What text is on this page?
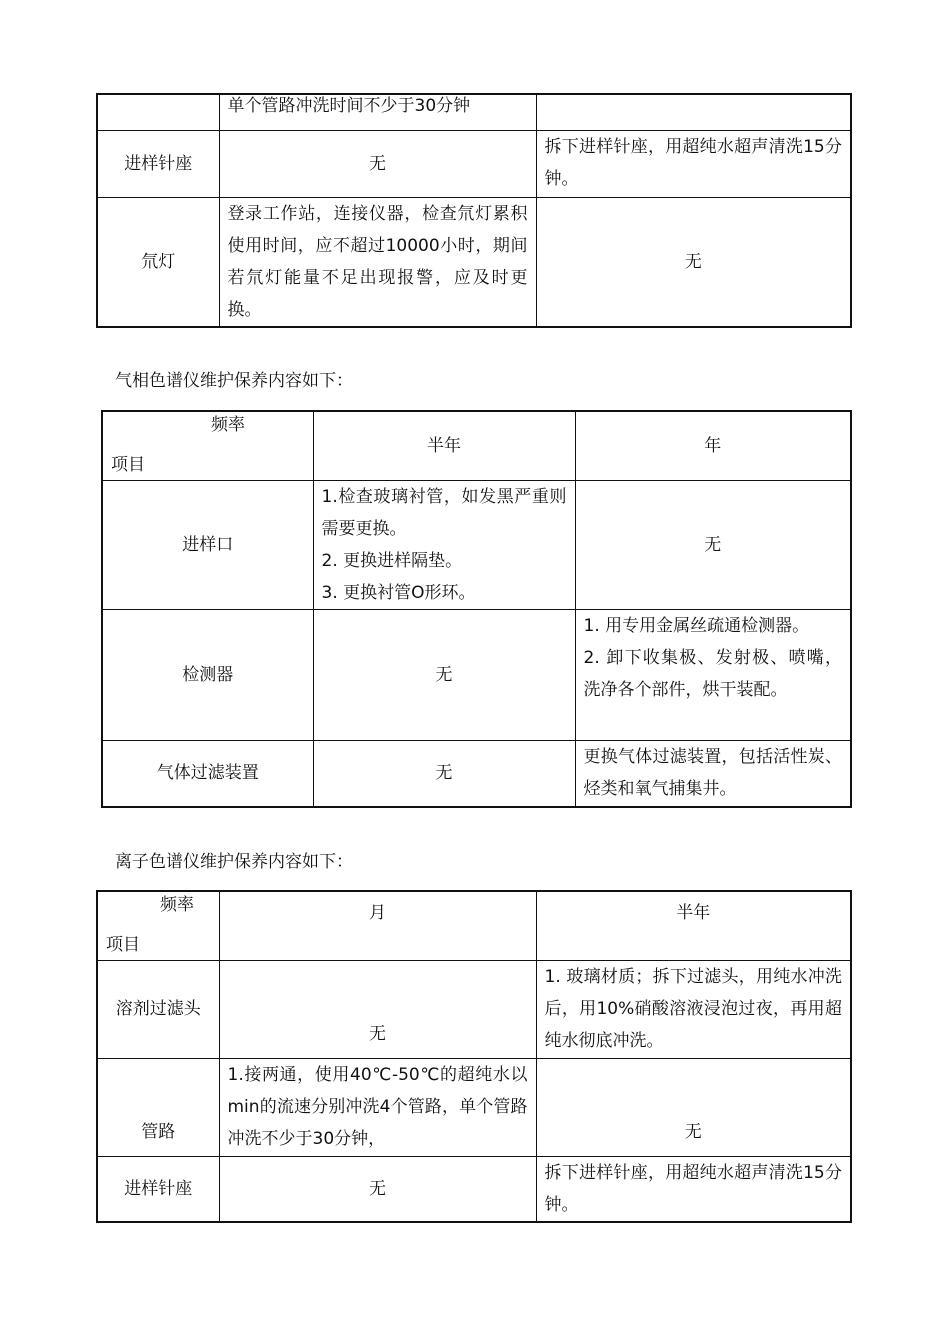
	单个管路冲洗时间不少于30分钟	
进样针座	无	拆下进样针座，用超纯水超声清洗15分钟。
氘灯	登录工作站，连接仪器，检查氘灯累积使用时间，应不超过10000小时，期间若氘灯能量不足出现报警，应及时更换。	无
气相色谱仪维护保养内容如下：
频率
项目	半年	年
进样口	1.检查玻璃衬管，如发黑严重则需要更换。

2. 更换进样隔垫。

3. 更换衬管O形环。	无
检测器	无	1. 用专用金属丝疏通检测器。

2. 卸下收集极、发射极、喷嘴，洗净各个部件，烘干装配。

气体过滤装置	无	更换气体过滤装置，包括活性炭、烃类和氧气捕集井。
离子色谱仪维护保养内容如下：
频率
项目	月	半年
溶剂过滤头	无	1. 玻璃材质；拆下过滤头，用纯水冲洗后，用10%硝酸溶液浸泡过夜，再用超纯水彻底冲洗。
管路	1.接两通，使用40℃-50℃的超纯水以min的流速分别冲洗4个管路，单个管路冲洗不少于30分钟，	无
进样针座	无	拆下进样针座，用超纯水超声清洗15分钟。
